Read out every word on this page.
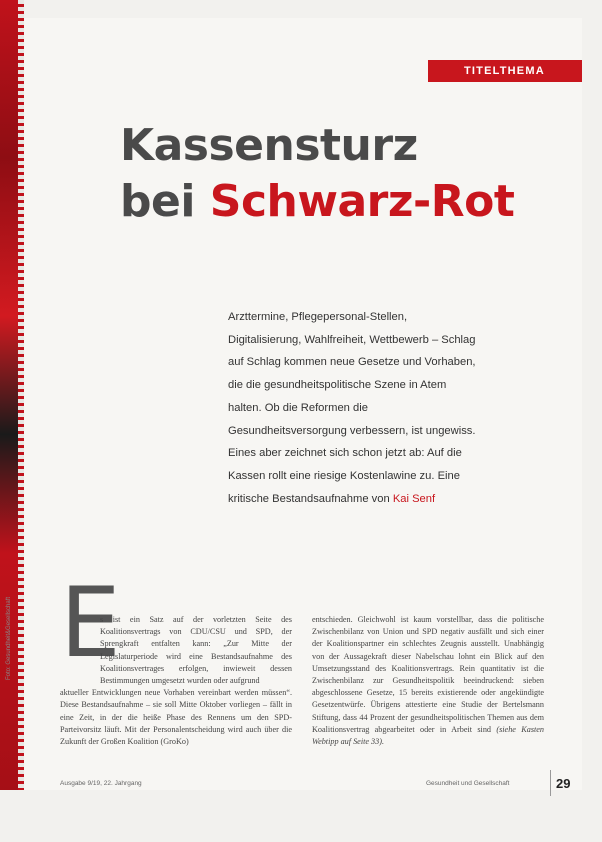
TITELTHEMA
Kassensturz
bei Schwarz-Rot
Arzttermine, Pflegepersonal-Stellen, Digitalisierung, Wahlfreiheit, Wettbewerb – Schlag auf Schlag kommen neue Gesetze und Vorhaben, die die gesundheitspolitische Szene in Atem halten. Ob die Reformen die Gesundheitsversorgung verbessern, ist ungewiss. Eines aber zeichnet sich schon jetzt ab: Auf die Kassen rollt eine riesige Kostenlawine zu. Eine kritische Bestandsaufnahme von Kai Senf
E
s ist ein Satz auf der vorletzten Seite des Koalitionsvertrags von CDU/CSU und SPD, der Sprengkraft entfalten kann: „Zur Mitte der Legislaturperiode wird eine Bestandsaufnahme des Koalitionsvertrages erfolgen, inwieweit dessen Bestimmungen umgesetzt wurden oder aufgrund
aktueller Entwicklungen neue Vorhaben vereinbart werden müssen“. Diese Bestandsaufnahme – sie soll Mitte Oktober vorliegen – fällt in eine Zeit, in der die heiße Phase des Rennens um den SPD-Parteivorsitz läuft. Mit der Personalentscheidung wird auch über die Zukunft der Großen Koalition (GroKo)
entschieden. Gleichwohl ist kaum vorstellbar, dass die politische Zwischenbilanz von Union und SPD negativ ausfällt und sich einer der Koalitionspartner ein schlechtes Zeugnis ausstellt. Unabhängig von der Aussagekraft dieser Nabelschau lohnt ein Blick auf den Umsetzungsstand des Koalitionsvertrags. Rein quantitativ ist die Zwischenbilanz zur Gesundheitspolitik beeindruckend: sieben abgeschlossene Gesetze, 15 bereits existierende oder angekündigte Gesetzentwürfe. Übrigens attestierte eine Studie der Bertelsmann Stiftung, dass 44 Prozent der gesundheitspolitischen Themen aus dem Koalitionsvertrag abgearbeitet oder in Arbeit sind (siehe Kasten Webtipp auf Seite 33).
Ausgabe 9/19, 22. Jahrgang	Gesundheit und Gesellschaft	29
Foto: Gesundheit&Gesellschaft
